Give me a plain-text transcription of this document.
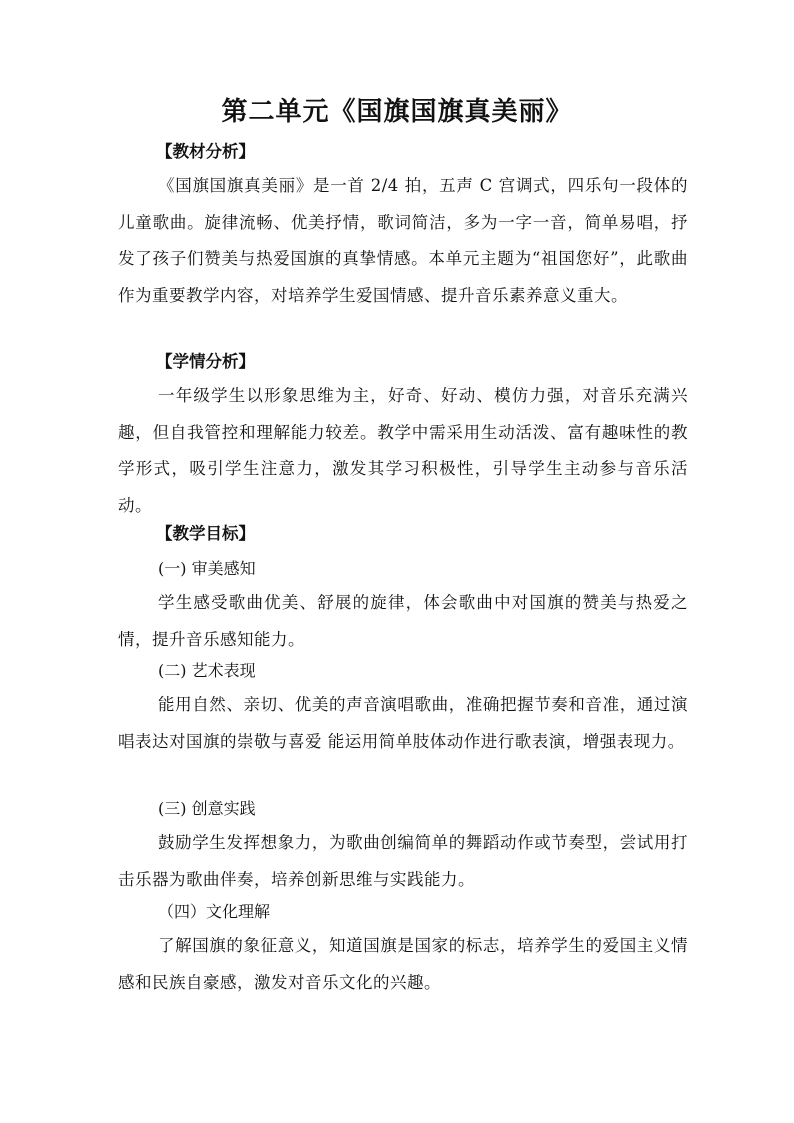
第二单元《国旗国旗真美丽》
【教材分析】
《国旗国旗真美丽》是一首 2/4 拍，五声 C 宫调式，四乐句一段体的儿童歌曲。旋律流畅、优美抒情，歌词简洁，多为一字一音，简单易唱，抒发了孩子们赞美与热爱国旗的真挚情感。本单元主题为“祖国您好”，此歌曲作为重要教学内容，对培养学生爱国情感、提升音乐素养意义重大。
【学情分析】
一年级学生以形象思维为主，好奇、好动、模仿力强，对音乐充满兴趣，但自我管控和理解能力较差。教学中需采用生动活泼、富有趣味性的教学形式，吸引学生注意力，激发其学习积极性，引导学生主动参与音乐活动。
【教学目标】
(一) 审美感知
学生感受歌曲优美、舒展的旋律，体会歌曲中对国旗的赞美与热爱之情，提升音乐感知能力。
(二) 艺术表现
能用自然、亲切、优美的声音演唱歌曲，准确把握节奏和音准，通过演唱表达对国旗的崇敬与喜爱 能运用简单肢体动作进行歌表演，增强表现力。
(三) 创意实践
鼓励学生发挥想象力，为歌曲创编简单的舞蹈动作或节奏型，尝试用打击乐器为歌曲伴奏，培养创新思维与实践能力。
（四）文化理解
了解国旗的象征意义，知道国旗是国家的标志，培养学生的爱国主义情感和民族自豪感，激发对音乐文化的兴趣。
